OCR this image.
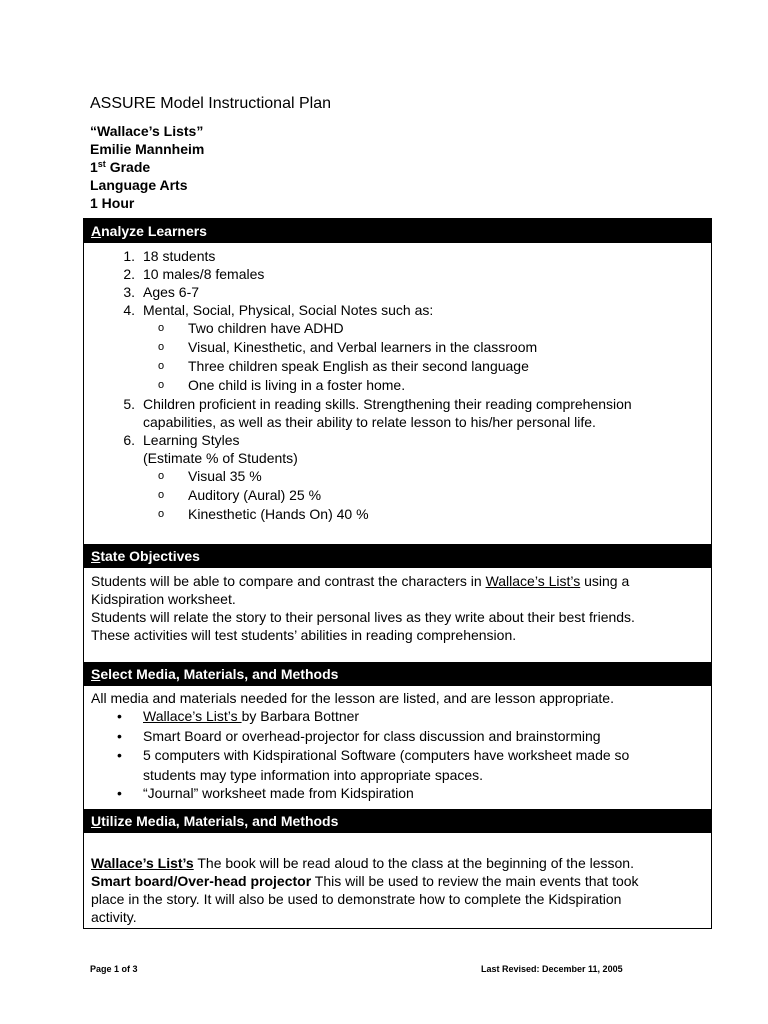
ASSURE Model Instructional Plan
“Wallace’s Lists”
Emilie Mannheim
1st Grade
Language Arts
1 Hour
Analyze Learners
1. 18 students
2. 10 males/8 females
3. Ages 6-7
4. Mental, Social, Physical, Social Notes such as:
o Two children have ADHD
o Visual, Kinesthetic, and Verbal learners in the classroom
o Three children speak English as their second language
o One child is living in a foster home.
5. Children proficient in reading skills. Strengthening their reading comprehension
capabilities, as well as their ability to relate lesson to his/her personal life.
6. Learning Styles
(Estimate % of Students)
o Visual 35 %
o Auditory (Aural) 25 %
o Kinesthetic (Hands On) 40 %
State Objectives
Students will be able to compare and contrast the characters in Wallace’s List’s using a
Kidspiration worksheet.
Students will relate the story to their personal lives as they write about their best friends.
These activities will test students’ abilities in reading comprehension.
Select Media, Materials, and Methods
All media and materials needed for the lesson are listed, and are lesson appropriate.
• Wallace’s List’s by Barbara Bottner
• Smart Board or overhead-projector for class discussion and brainstorming
• 5 computers with Kidspirational Software (computers have worksheet made so
students may type information into appropriate spaces.
• “Journal” worksheet made from Kidspiration
Utilize Media, Materials, and Methods
Wallace’s List’s The book will be read aloud to the class at the beginning of the lesson.
Smart board/Over-head projector This will be used to review the main events that took
place in the story. It will also be used to demonstrate how to complete the Kidspiration
activity.
Page 1 of 3	Last Revised: December 11, 2005
